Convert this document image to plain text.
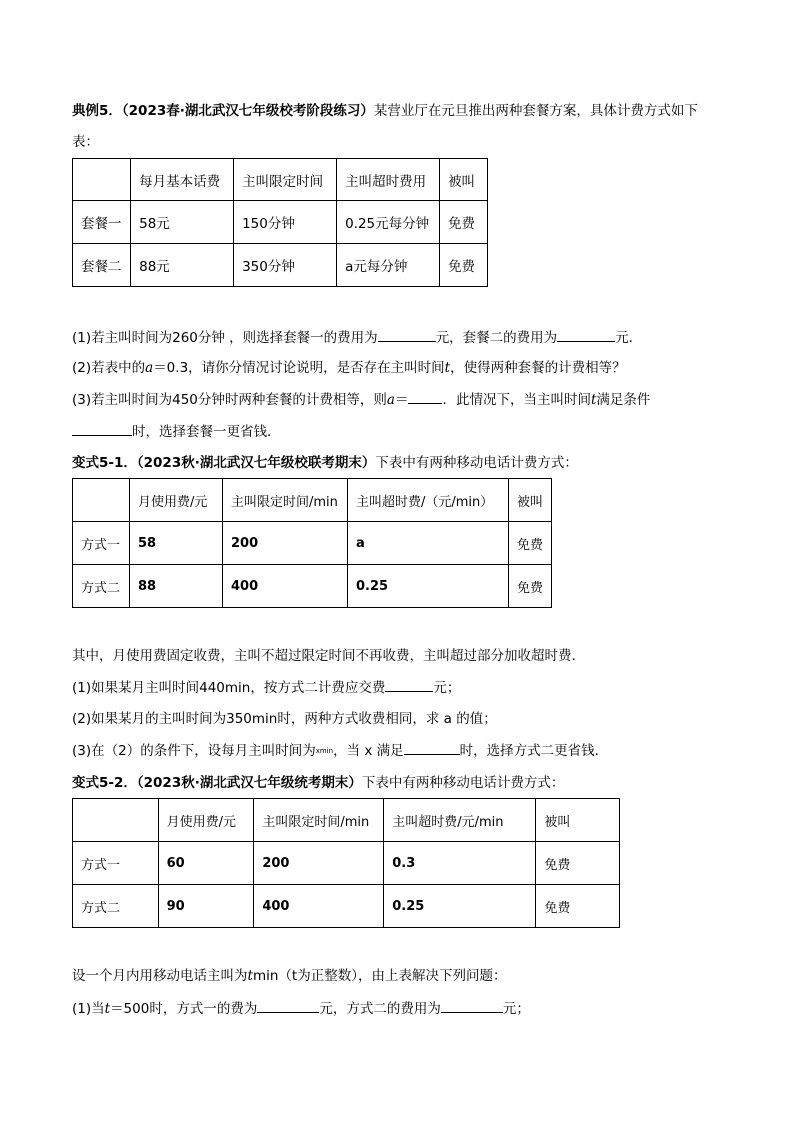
典例5．（2023春·湖北武汉七年级校考阶段练习）某营业厅在元旦推出两种套餐方案，具体计费方式如下
表：
	每月基本话费	主叫限定时间	主叫超时费用	被叫
套餐一	58元	150分钟	0.25元每分钟	免费
套餐二	88元	350分钟	a元每分钟	免费
(1)若主叫时间为260分钟 ，则选择套餐一的费用为	元，套餐二的费用为	元．
(2)若表中的a＝0.3，请你分情况讨论说明，是否存在主叫时间t，使得两种套餐的计费相等？
(3)若主叫时间为450分钟时两种套餐的计费相等，则a＝	．此情况下，当主叫时间t满足条件
时，选择套餐一更省钱．
变式5-1．（2023秋·湖北武汉七年级校联考期末）下表中有两种移动电话计费方式：
	月使用费/元	主叫限定时间/min	主叫超时费/（元/min）	被叫
方式一	58	200	a	免费
方式二	88	400	0.25	免费
其中，月使用费固定收费，主叫不超过限定时间不再收费，主叫超过部分加收超时费．
(1)如果某月主叫时间440min，按方式二计费应交费	元；
(2)如果某月的主叫时间为350min时，两种方式收费相同，求 a 的值；
(3)在（2）的条件下，设每月主叫时间为xmin，当 x 满足	时，选择方式二更省钱．
变式5-2．（2023秋·湖北武汉七年级统考期末）下表中有两种移动电话计费方式：
	月使用费/元	主叫限定时间/min	主叫超时费/元/min	被叫
方式一	60	200	0.3	免费
方式二	90	400	0.25	免费
设一个月内用移动电话主叫为tmin（t为正整数），由上表解决下列问题：
(1)当t＝500时，方式一的费为	元，方式二的费用为	元；
